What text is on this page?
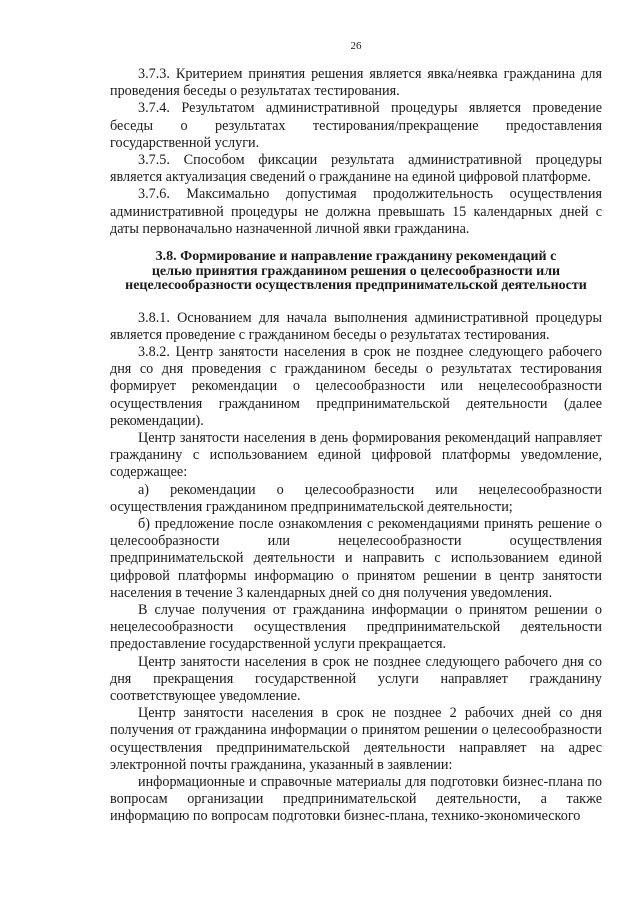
26

3.7.3. Критерием принятия решения является явка/неявка гражданина для проведения беседы о результатах тестирования.

3.7.4. Результатом административной процедуры является проведение беседы о результатах тестирования/прекращение предоставления государственной услуги.

3.7.5. Способом фиксации результата административной процедуры является актуализация сведений о гражданине на единой цифровой платформе.

3.7.6. Максимально допустимая продолжительность осуществления административной процедуры не должна превышать 15 календарных дней с даты первоначально назначенной личной явки гражданина.

3.8. Формирование и направление гражданину рекомендаций с
целью принятия гражданином решения о целесообразности или
нецелесообразности осуществления предпринимательской деятельности

3.8.1. Основанием для начала выполнения административной процедуры является проведение с гражданином беседы о результатах тестирования.

3.8.2. Центр занятости населения в срок не позднее следующего рабочего дня со дня проведения с гражданином беседы о результатах тестирования формирует рекомендации о целесообразности или нецелесообразности осуществления гражданином предпринимательской деятельности (далее рекомендации).

Центр занятости населения в день формирования рекомендаций направляет гражданину с использованием единой цифровой платформы уведомление, содержащее:

а) рекомендации о целесообразности или нецелесообразности осуществления гражданином предпринимательской деятельности;

б) предложение после ознакомления с рекомендациями принять решение о целесообразности или нецелесообразности осуществления предпринимательской деятельности и направить с использованием единой цифровой платформы информацию о принятом решении в центр занятости населения в течение 3 календарных дней со дня получения уведомления.

В случае получения от гражданина информации о принятом решении о нецелесообразности осуществления предпринимательской деятельности предоставление государственной услуги прекращается.

Центр занятости населения в срок не позднее следующего рабочего дня со дня прекращения государственной услуги направляет гражданину соответствующее уведомление.

Центр занятости населения в срок не позднее 2 рабочих дней со дня получения от гражданина информации о принятом решении о целесообразности осуществления предпринимательской деятельности направляет на адрес электронной почты гражданина, указанный в заявлении:

информационные и справочные материалы для подготовки бизнес-плана по вопросам организации предпринимательской деятельности, а также информацию по вопросам подготовки бизнес-плана, технико-экономического
